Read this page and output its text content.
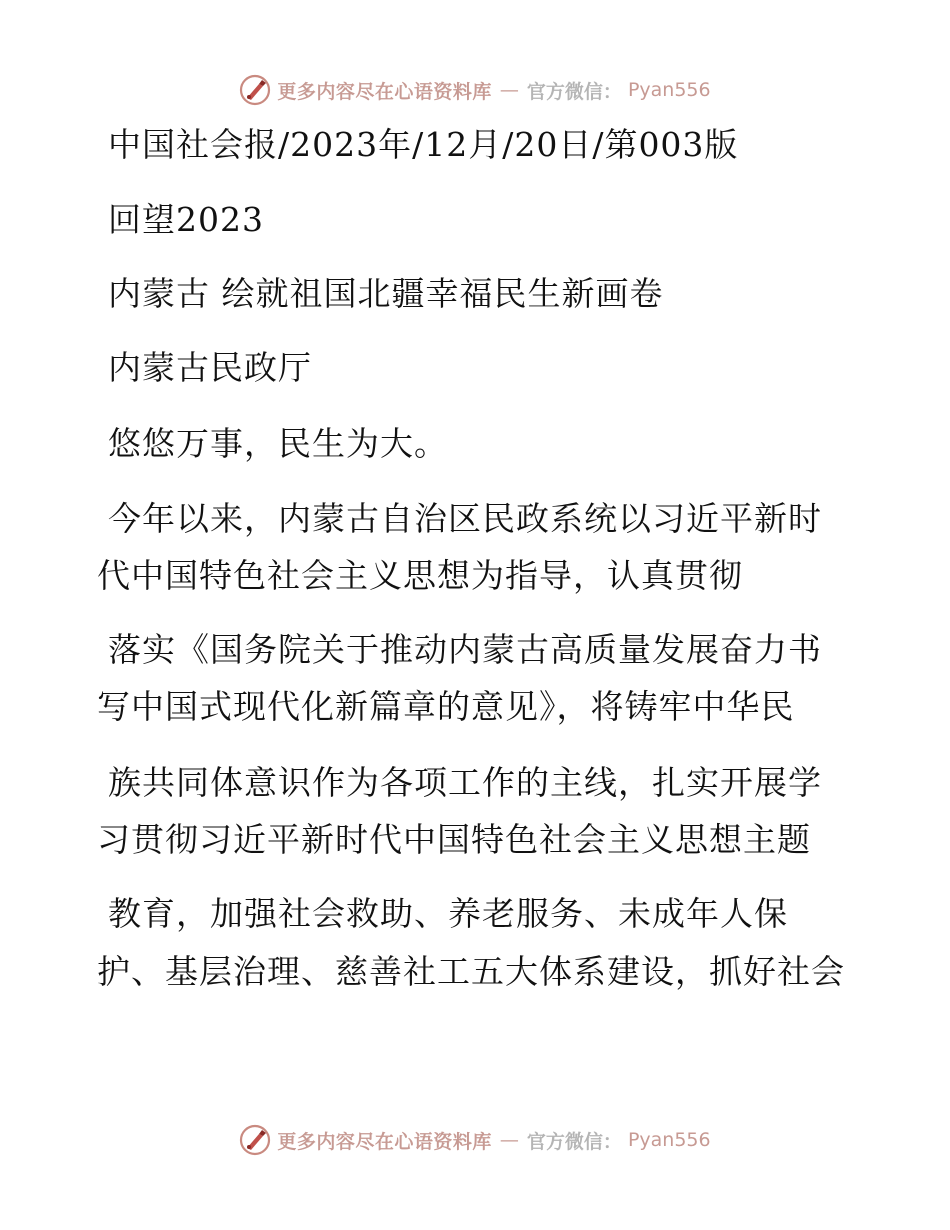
更多内容尽在心语资料库 — 官方微信： Pyan556
中国社会报/2023年/12月/20日/第003版
回望2023
内蒙古 绘就祖国北疆幸福民生新画卷
内蒙古民政厅
悠悠万事，民生为大。
今年以来，内蒙古自治区民政系统以习近平新时
代中国特色社会主义思想为指导，认真贯彻
落实《国务院关于推动内蒙古高质量发展奋力书
写中国式现代化新篇章的意见》，将铸牢中华民
族共同体意识作为各项工作的主线，扎实开展学
习贯彻习近平新时代中国特色社会主义思想主题
教育，加强社会救助、养老服务、未成年人保
护、基层治理、慈善社工五大体系建设，抓好社会
更多内容尽在心语资料库 — 官方微信： Pyan556
